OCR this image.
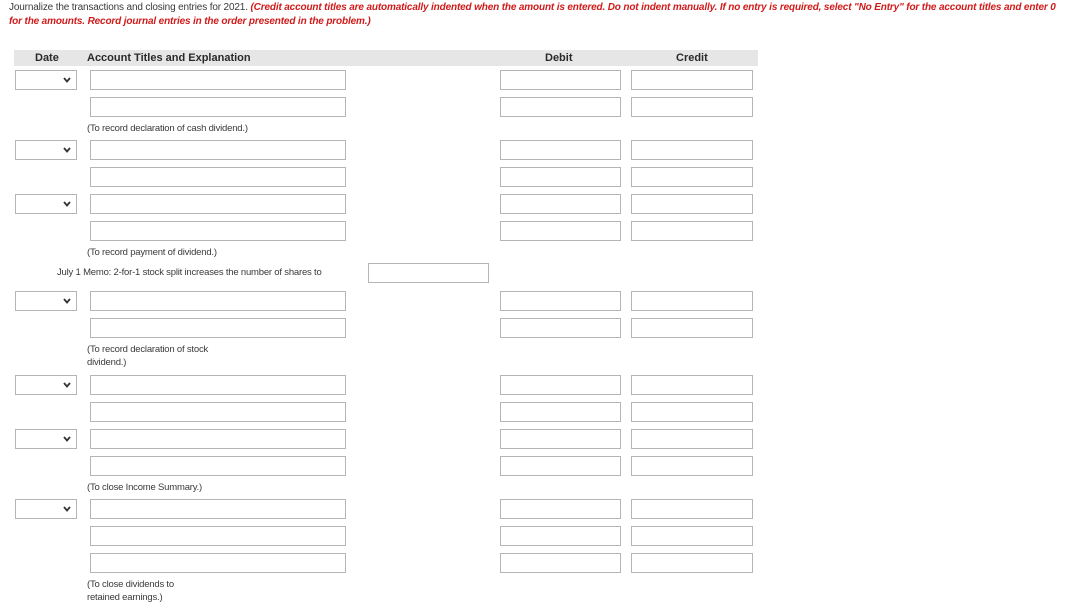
Journalize the transactions and closing entries for 2021. (Credit account titles are automatically indented when the amount is entered. Do not indent manually. If no entry is required, select "No Entry" for the account titles and enter 0 for the amounts. Record journal entries in the order presented in the problem.)
Date	Account Titles and Explanation	Debit	Credit
(To record declaration of cash dividend.)
(To record payment of dividend.)
July 1 Memo: 2-for-1 stock split increases the number of shares to
(To record declaration of stock dividend.)
(To close Income Summary.)
(To close dividends to retained earnings.)
